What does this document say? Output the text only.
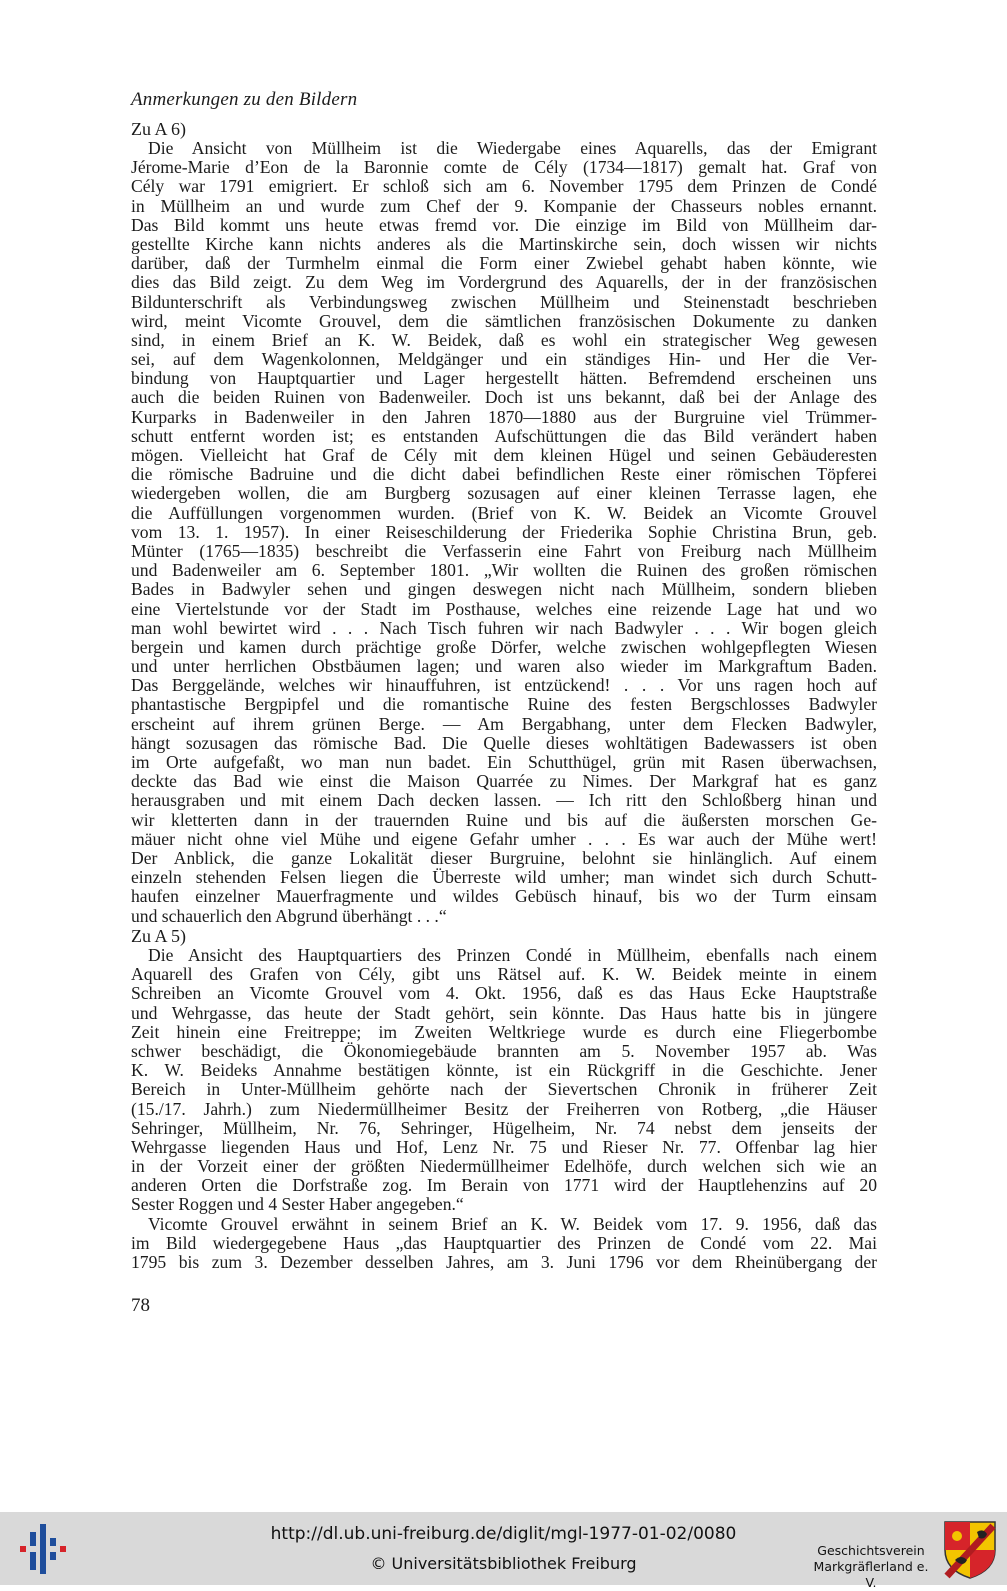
Anmerkungen zu den Bildern
Zu A 6)
Die Ansicht von Müllheim ist die Wiedergabe eines Aquarells, das der Emigrant
Jérome-Marie d’Eon de la Baronnie comte de Cély (1734—1817) gemalt hat. Graf von
Cély war 1791 emigriert. Er schloß sich am 6. November 1795 dem Prinzen de Condé
in Müllheim an und wurde zum Chef der 9. Kompanie der Chasseurs nobles ernannt.
Das Bild kommt uns heute etwas fremd vor. Die einzige im Bild von Müllheim dar-
gestellte Kirche kann nichts anderes als die Martinskirche sein, doch wissen wir nichts
darüber, daß der Turmhelm einmal die Form einer Zwiebel gehabt haben könnte, wie
dies das Bild zeigt. Zu dem Weg im Vordergrund des Aquarells, der in der französischen
Bildunterschrift als Verbindungsweg zwischen Müllheim und Steinenstadt beschrieben
wird, meint Vicomte Grouvel, dem die sämtlichen französischen Dokumente zu danken
sind, in einem Brief an K. W. Beidek, daß es wohl ein strategischer Weg gewesen
sei, auf dem Wagenkolonnen, Meldgänger und ein ständiges Hin- und Her die Ver-
bindung von Hauptquartier und Lager hergestellt hätten. Befremdend erscheinen uns
auch die beiden Ruinen von Badenweiler. Doch ist uns bekannt, daß bei der Anlage des
Kurparks in Badenweiler in den Jahren 1870—1880 aus der Burgruine viel Trümmer-
schutt entfernt worden ist; es entstanden Aufschüttungen die das Bild verändert haben
mögen. Vielleicht hat Graf de Cély mit dem kleinen Hügel und seinen Gebäuderesten
die römische Badruine und die dicht dabei befindlichen Reste einer römischen Töpferei
wiedergeben wollen, die am Burgberg sozusagen auf einer kleinen Terrasse lagen, ehe
die Auffüllungen vorgenommen wurden. (Brief von K. W. Beidek an Vicomte Grouvel
vom 13. 1. 1957). In einer Reiseschilderung der Friederika Sophie Christina Brun, geb.
Münter (1765—1835) beschreibt die Verfasserin eine Fahrt von Freiburg nach Müllheim
und Badenweiler am 6. September 1801. „Wir wollten die Ruinen des großen römischen
Bades in Badwyler sehen und gingen deswegen nicht nach Müllheim, sondern blieben
eine Viertelstunde vor der Stadt im Posthause, welches eine reizende Lage hat und wo
man wohl bewirtet wird . . . Nach Tisch fuhren wir nach Badwyler . . . Wir bogen gleich
bergein und kamen durch prächtige große Dörfer, welche zwischen wohlgepflegten Wiesen
und unter herrlichen Obstbäumen lagen; und waren also wieder im Markgraftum Baden.
Das Berggelände, welches wir hinauffuhren, ist entzückend! . . . Vor uns ragen hoch auf
phantastische Bergpipfel und die romantische Ruine des festen Bergschlosses Badwyler
erscheint auf ihrem grünen Berge. — Am Bergabhang, unter dem Flecken Badwyler,
hängt sozusagen das römische Bad. Die Quelle dieses wohltätigen Badewassers ist oben
im Orte aufgefaßt, wo man nun badet. Ein Schutthügel, grün mit Rasen überwachsen,
deckte das Bad wie einst die Maison Quarrée zu Nimes. Der Markgraf hat es ganz
herausgraben und mit einem Dach decken lassen. — Ich ritt den Schloßberg hinan und
wir kletterten dann in der trauernden Ruine und bis auf die äußersten morschen Ge-
mäuer nicht ohne viel Mühe und eigene Gefahr umher . . . Es war auch der Mühe wert!
Der Anblick, die ganze Lokalität dieser Burgruine, belohnt sie hinlänglich. Auf einem
einzeln stehenden Felsen liegen die Überreste wild umher; man windet sich durch Schutt-
haufen einzelner Mauerfragmente und wildes Gebüsch hinauf, bis wo der Turm einsam
und schauerlich den Abgrund überhängt . . .“
Zu A 5)
Die Ansicht des Hauptquartiers des Prinzen Condé in Müllheim, ebenfalls nach einem
Aquarell des Grafen von Cély, gibt uns Rätsel auf. K. W. Beidek meinte in einem
Schreiben an Vicomte Grouvel vom 4. Okt. 1956, daß es das Haus Ecke Hauptstraße
und Wehrgasse, das heute der Stadt gehört, sein könnte. Das Haus hatte bis in jüngere
Zeit hinein eine Freitreppe; im Zweiten Weltkriege wurde es durch eine Fliegerbombe
schwer beschädigt, die Ökonomiegebäude brannten am 5. November 1957 ab. Was
K. W. Beideks Annahme bestätigen könnte, ist ein Rückgriff in die Geschichte. Jener
Bereich in Unter-Müllheim gehörte nach der Sievertschen Chronik in früherer Zeit
(15./17. Jahrh.) zum Niedermüllheimer Besitz der Freiherren von Rotberg, „die Häuser
Sehringer, Müllheim, Nr. 76, Sehringer, Hügelheim, Nr. 74 nebst dem jenseits der
Wehrgasse liegenden Haus und Hof, Lenz Nr. 75 und Rieser Nr. 77. Offenbar lag hier
in der Vorzeit einer der größten Niedermüllheimer Edelhöfe, durch welchen sich wie an
anderen Orten die Dorfstraße zog. Im Berain von 1771 wird der Hauptlehenzins auf 20
Sester Roggen und 4 Sester Haber angegeben.“
Vicomte Grouvel erwähnt in seinem Brief an K. W. Beidek vom 17. 9. 1956, daß das
im Bild wiedergegebene Haus „das Hauptquartier des Prinzen de Condé vom 22. Mai
1795 bis zum 3. Dezember desselben Jahres, am 3. Juni 1796 vor dem Rheinübergang der
78
http://dl.ub.uni-freiburg.de/diglit/mgl-1977-01-02/0080
© Universitätsbibliothek Freiburg
Geschichtsverein
Markgräflerland e. V.
